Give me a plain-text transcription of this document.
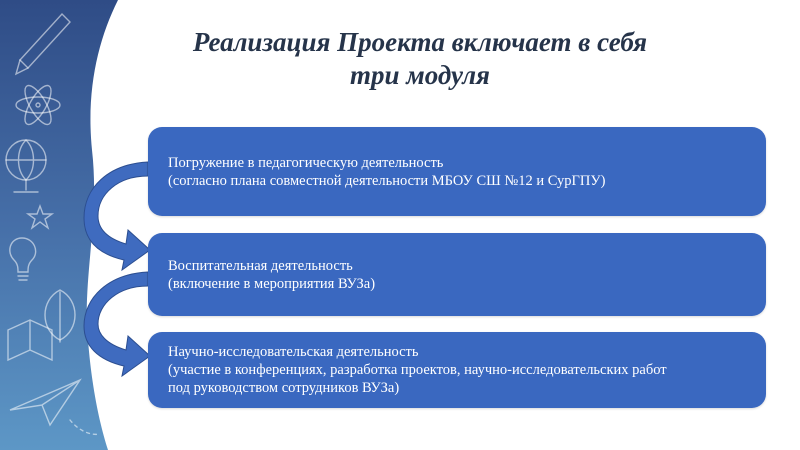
Реализация Проекта включает в себя
три модуля
Погружение в педагогическую деятельность
(согласно плана совместной деятельности МБОУ СШ №12 и СурГПУ)
Воспитательная деятельность
(включение в мероприятия ВУЗа)
Научно-исследовательская деятельность
(участие в конференциях, разработка проектов, научно-исследовательских работ
под руководством сотрудников ВУЗа)
